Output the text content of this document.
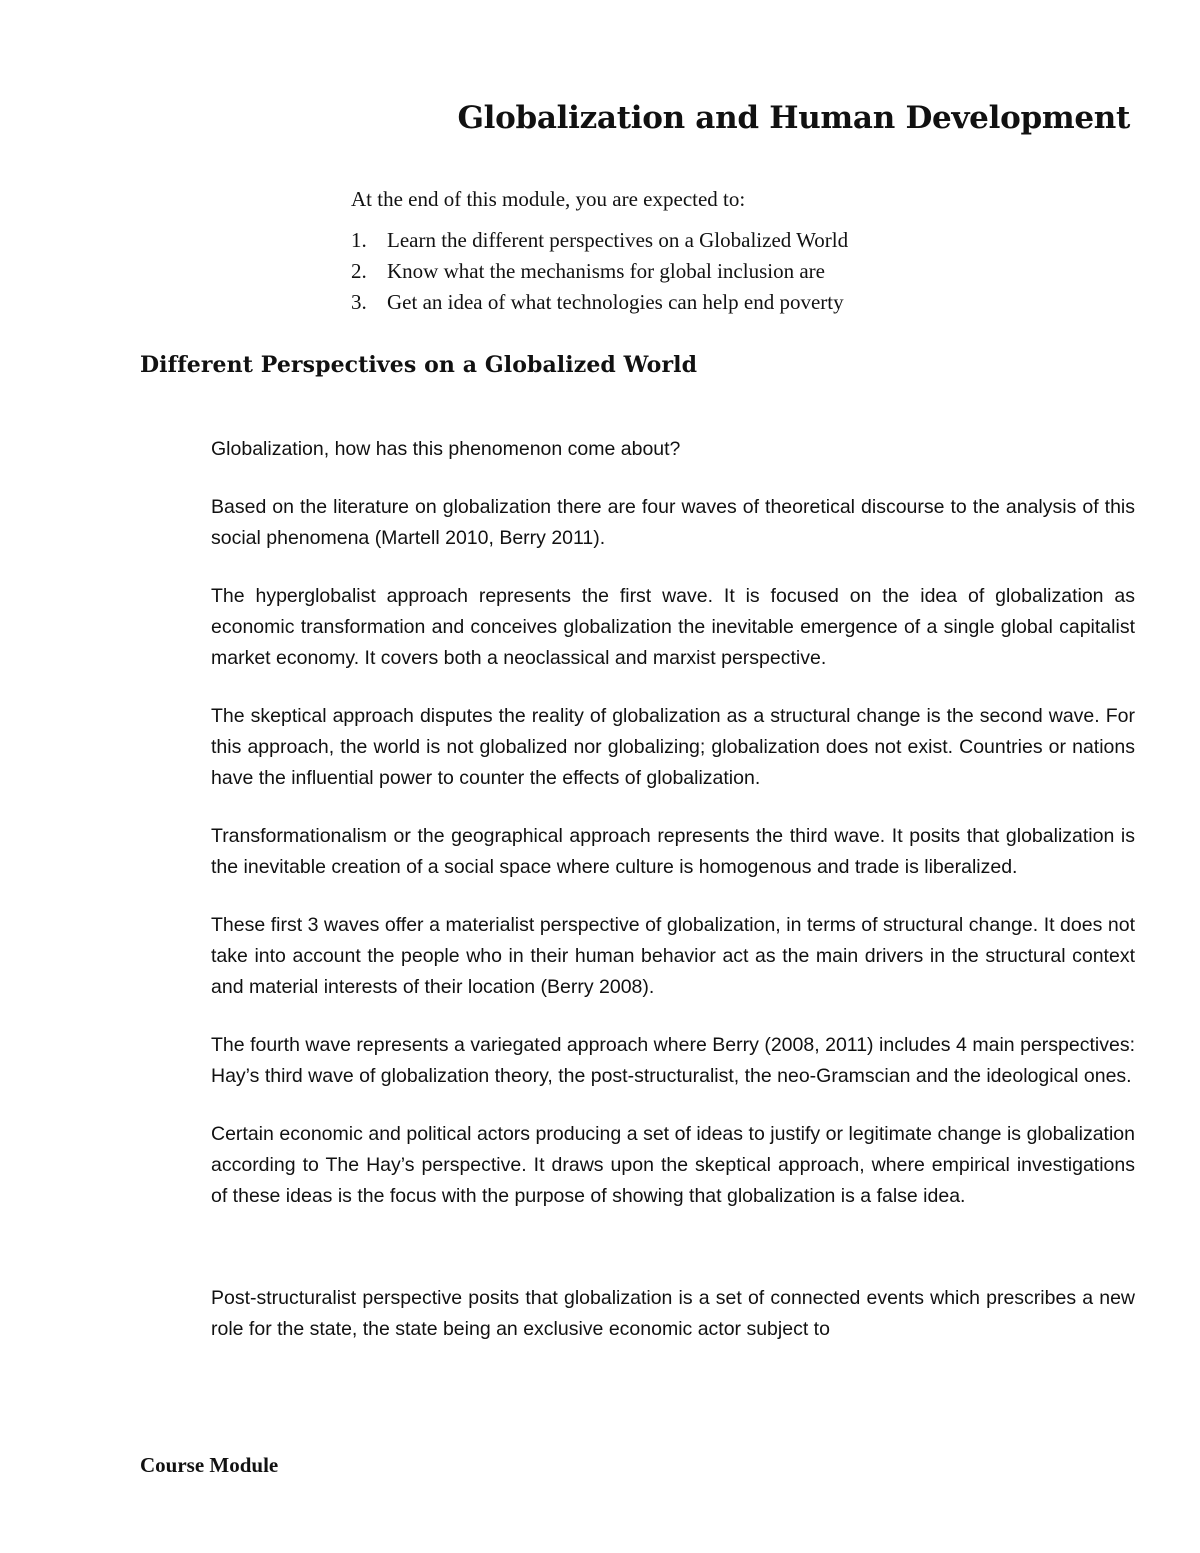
Globalization and Human Development

At the end of this module, you are expected to:

1. Learn the different perspectives on a Globalized World
2. Know what the mechanisms for global inclusion are
3. Get an idea of what technologies can help end poverty
Different Perspectives on a Globalized World

Globalization, how has this phenomenon come about?

Based on the literature on globalization there are four waves of theoretical discourse to the analysis of this social phenomena (Martell 2010, Berry 2011).

The hyperglobalist approach represents the first wave. It is focused on the idea of globalization as economic transformation and conceives globalization the inevitable emergence of a single global capitalist market economy. It covers both a neoclassical and marxist perspective.

The skeptical approach disputes the reality of globalization as a structural change is the second wave. For this approach, the world is not globalized nor globalizing; globalization does not exist. Countries or nations have the influential power to counter the effects of globalization.

Transformationalism or the geographical approach represents the third wave. It posits that globalization is the inevitable creation of a social space where culture is homogenous and trade is liberalized.

These first 3 waves offer a materialist perspective of globalization, in terms of structural change. It does not take into account the people who in their human behavior act as the main drivers in the structural context and material interests of their location (Berry 2008).

The fourth wave represents a variegated approach where Berry (2008, 2011) includes 4 main perspectives: Hay’s third wave of globalization theory, the post-structuralist, the neo-Gramscian and the ideological ones.

Certain economic and political actors producing a set of ideas to justify or legitimate change is globalization according to The Hay’s perspective. It draws upon the skeptical approach, where empirical investigations of these ideas is the focus with the purpose of showing that globalization is a false idea.

Post-structuralist perspective posits that globalization is a set of connected events which prescribes a new role for the state, the state being an exclusive economic actor subject to

Course Module
